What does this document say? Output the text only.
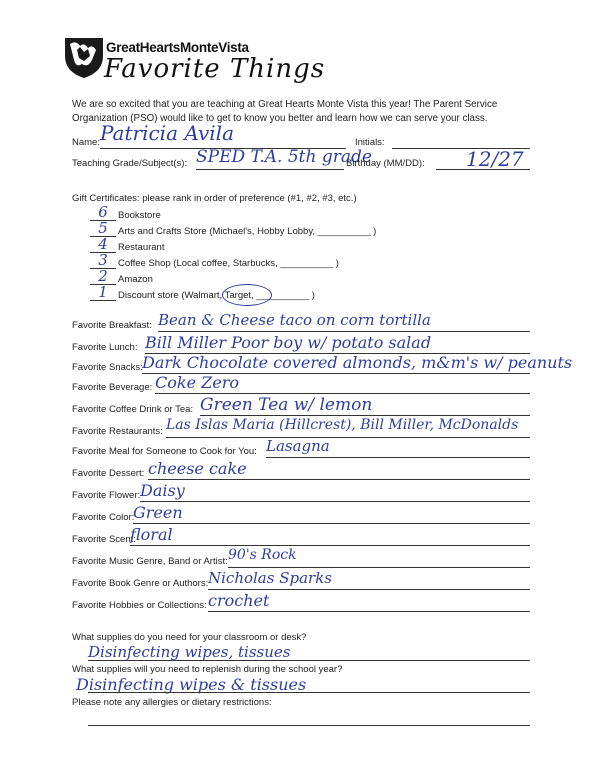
GreatHeartsMonteVista
Favorite Things
We are so excited that you are teaching at Great Hearts Monte Vista this year! The Parent Service Organization (PSO) would like to get to know you better and learn how we can serve your class.
Name: Patricia Avila	Initials:
Teaching Grade/Subject(s): SPED T.A. 5th grade
Birthday (MM/DD): 12/27
Gift Certificates: please rank in order of preference (#1, #2, #3, etc.)
6	Bookstore
5	Arts and Crafts Store (Michael's, Hobby Lobby, __________ )
4	Restaurant
3	Coffee Shop (Local coffee, Starbucks, __________ )
2	Amazon
1	Discount store (Walmart, Target, __________ )
Favorite Breakfast: Bean & Cheese taco on corn tortilla
Favorite Lunch: Bill Miller Poor boy w/ potato salad
Favorite Snacks: Dark Chocolate covered almonds, m&m's w/ peanuts
Favorite Beverage: Coke Zero
Favorite Coffee Drink or Tea: Green Tea w/ lemon
Favorite Restaurants: Las Islas Maria (Hillcrest), Bill Miller, McDonalds
Favorite Meal for Someone to Cook for You: Lasagna
Favorite Dessert: cheese cake
Favorite Flower: Daisy
Favorite Color:
Green
Favorite Scent:
floral
Favorite Music Genre, Band or Artist: 90's Rock
Favorite Book Genre or Authors: Nicholas Sparks
Favorite Hobbies or Collections: crochet
What supplies do you need for your classroom or desk?
Disinfecting wipes, tissues
What supplies will you need to replenish during the school year?
Disinfecting wipes & tissues
Please note any allergies or dietary restrictions:
